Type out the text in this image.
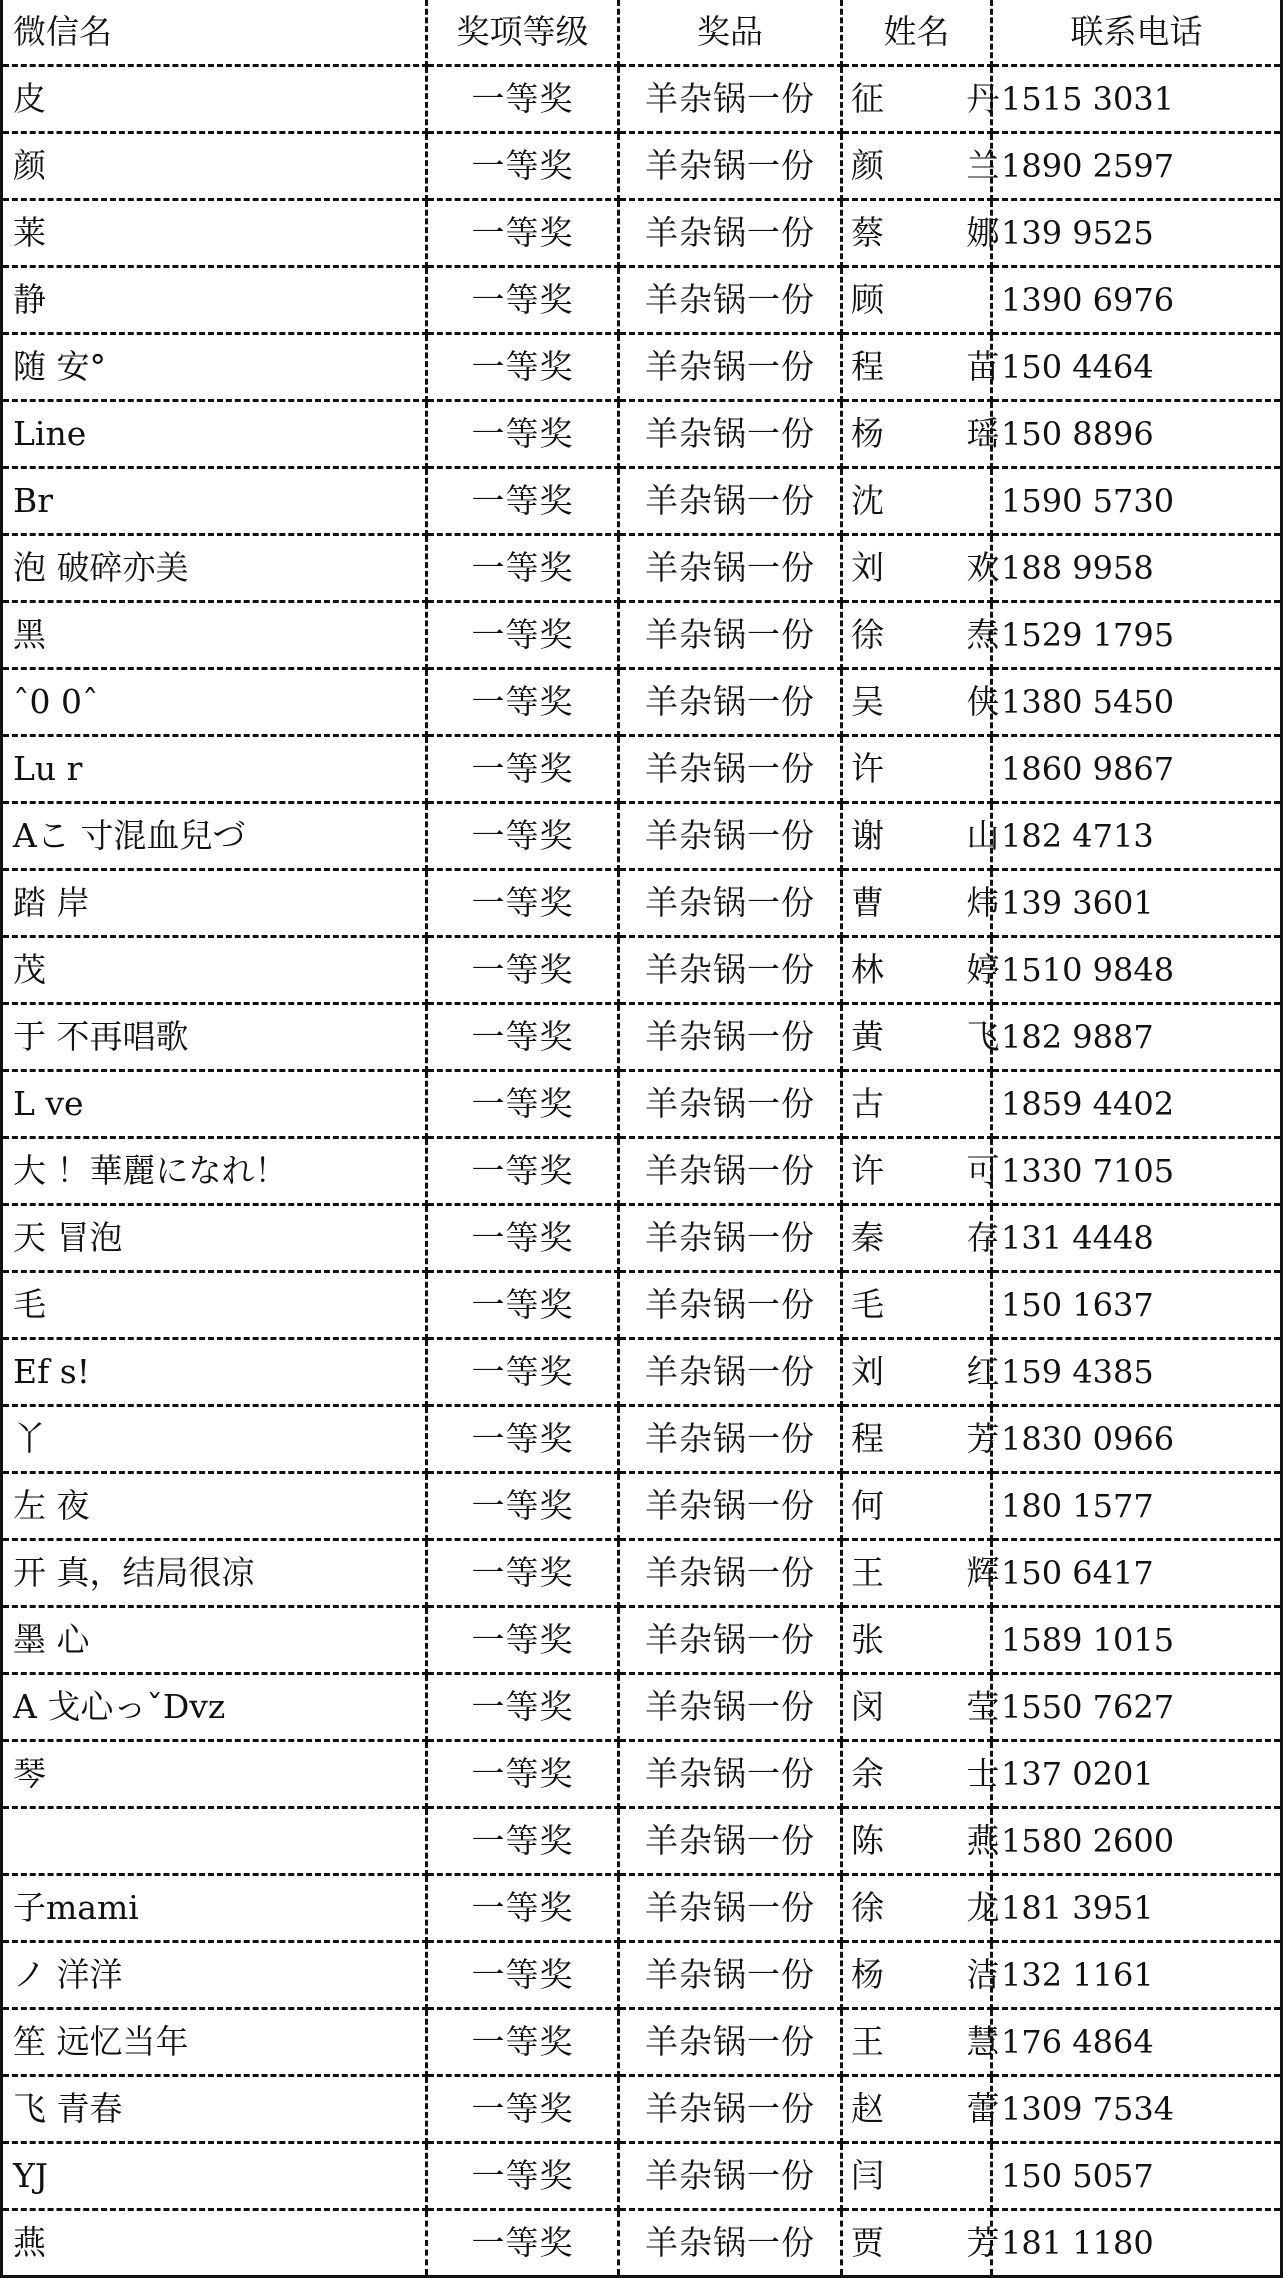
微信名	奖项等级	奖品	姓名	联系电话
皮	一等奖	羊杂锅一份	征 丹	1515 3031
颜	一等奖	羊杂锅一份	颜 兰	1890 2597
莱	一等奖	羊杂锅一份	蔡 娜	139 9525
静	一等奖	羊杂锅一份	顾	1390 6976
随 安°	一等奖	羊杂锅一份	程 苗	150 4464
Line	一等奖	羊杂锅一份	杨 瑶	150 8896
Br	一等奖	羊杂锅一份	沈	1590 5730
泡 破碎亦美	一等奖	羊杂锅一份	刘 欢	188 9958
黑	一等奖	羊杂锅一份	徐 焘	1529 1795
ˆ0 0ˆ	一等奖	羊杂锅一份	吴 侠	1380 5450
Lu r	一等奖	羊杂锅一份	许	1860 9867
Aこ 寸混血兒づ	一等奖	羊杂锅一份	谢 山	182 4713
踏 岸	一等奖	羊杂锅一份	曹 炜	139 3601
茂	一等奖	羊杂锅一份	林 婷	1510 9848
于 不再唱歌	一等奖	羊杂锅一份	黄 飞	182 9887
L ve	一等奖	羊杂锅一份	古	1859 4402
大 ！華麗になれ！	一等奖	羊杂锅一份	许 可	1330 7105
天 冒泡	一等奖	羊杂锅一份	秦 存	131 4448
毛	一等奖	羊杂锅一份	毛	150 1637
Ef s!	一等奖	羊杂锅一份	刘 红	159 4385
丫	一等奖	羊杂锅一份	程 芳	1830 0966
左 夜	一等奖	羊杂锅一份	何	180 1577
开 真，结局很凉	一等奖	羊杂锅一份	王 辉	150 6417
墨 心	一等奖	羊杂锅一份	张	1589 1015
A 戈心っˇDvz	一等奖	羊杂锅一份	闵 莹	1550 7627
琴	一等奖	羊杂锅一份	余 士	137 0201
	一等奖	羊杂锅一份	陈 燕	1580 2600
子mami	一等奖	羊杂锅一份	徐 龙	181 3951
ノ 洋洋	一等奖	羊杂锅一份	杨 洁	132 1161
笙 远忆当年	一等奖	羊杂锅一份	王 慧	176 4864
飞 青春	一等奖	羊杂锅一份	赵 蕾	1309 7534
YJ	一等奖	羊杂锅一份	闫	150 5057
燕	一等奖	羊杂锅一份	贾 芳	181 1180
